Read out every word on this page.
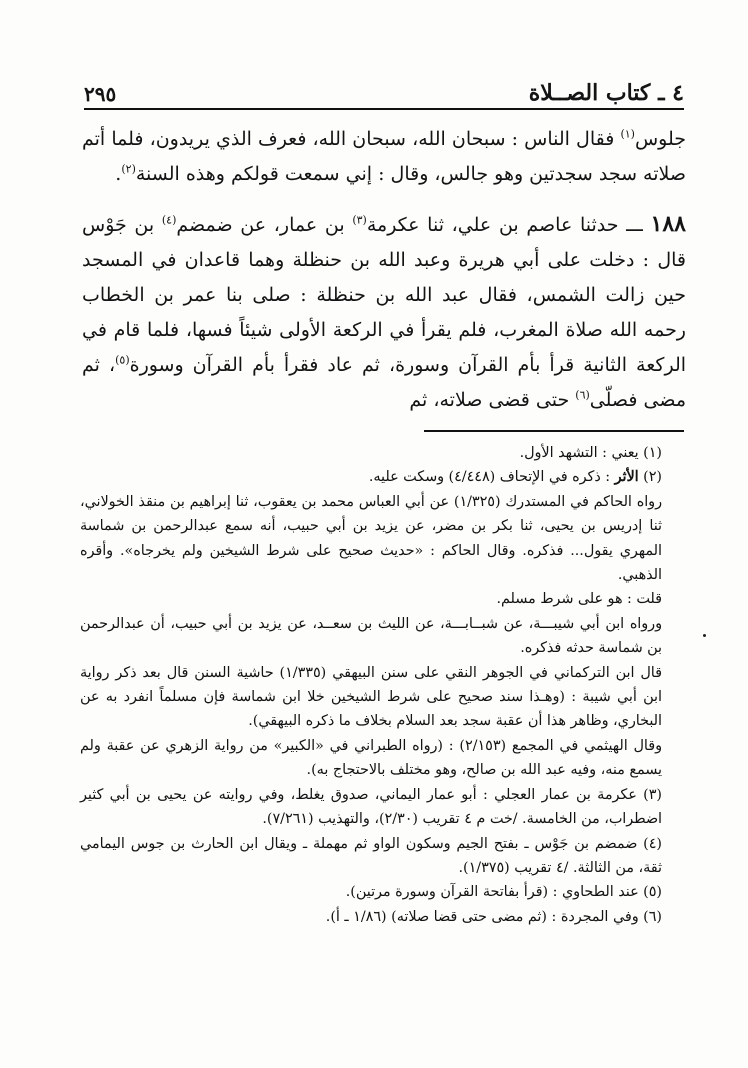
٤ ـ كتاب الصــلاة
٢٩٥

جلوس$^{(١)}$ فقال الناس : سبحان الله، سبحان الله، فعرف الذي يريدون، فلما أتم صلاته سجد سجدتين وهو جالس، وقال : إني سمعت قولكم وهذه السنة$^{(٢)}$.

١٨٨ ـــ حدثنا عاصم بن علي، ثنا عكرمة$^{(٣)}$ بن عمار، عن ضمضم$^{(٤)}$ بن جَوْس قال : دخلت على أبي هريرة وعبد الله بن حنظلة وهما قاعدان في المسجد حين زالت الشمس، فقال عبد الله بن حنظلة : صلى بنا عمر بن الخطاب رحمه الله صلاة المغرب، فلم يقرأ في الركعة الأولى شيئاً فسها، فلما قام في الركعة الثانية قرأ بأم القرآن وسورة، ثم عاد فقرأ بأم القرآن وسورة$^{(٥)}$، ثم مضى فصلّى$^{(٦)}$ حتى قضى صلاته، ثم

(١) يعني : التشهد الأول.

(٢) الأثر : ذكره في الإتحاف (٤/٤٤٨) وسكت عليه.

رواه الحاكم في المستدرك (١/٣٢٥) عن أبي العباس محمد بن يعقوب، ثنا إبراهيم بن منقذ الخولاني، ثنا إدريس بن يحيى، ثنا بكر بن مضر، عن يزيد بن أبي حبيب، أنه سمع عبدالرحمن بن شماسة المهري يقول... فذكره. وقال الحاكم : «حديث صحيح على شرط الشيخين ولم يخرجاه». وأقره الذهبي.

قلت : هو على شرط مسلم.

ورواه ابن أبي شيبـــة، عن شبــابـــة، عن الليث بن سعــد، عن يزيد بن أبي حبيب، أن عبدالرحمن بن شماسة حدثه فذكره.

قال ابن التركماني في الجوهر النقي على سنن البيهقي (١/٣٣٥) حاشية السنن قال بعد ذكر رواية ابن أبي شيبة : (وهـذا سند صحيح على شرط الشيخين خلا ابن شماسة فإن مسلماً انفرد به عن البخاري، وظاهر هذا أن عقبة سجد بعد السلام بخلاف ما ذكره البيهقي).

وقال الهيثمي في المجمع (٢/١٥٣) : (رواه الطبراني في «الكبير» من رواية الزهري عن عقبة ولم يسمع منه، وفيه عبد الله بن صالح، وهو مختلف بالاحتجاج به).

(٣) عكرمة بن عمار العجلي : أبو عمار اليماني، صدوق يغلط، وفي روايته عن يحيى بن أبي كثير اضطراب، من الخامسة. /خت م ٤ تقريب (٢/٣٠)، والتهذيب (٧/٢٦١).

(٤) ضمضم بن جَوْس ـ بفتح الجيم وسكون الواو ثم مهملة ـ ويقال ابن الحارث بن جوس اليمامي ثقة، من الثالثة. /٤ تقريب (١/٣٧٥).

(٥) عند الطحاوي : (قرأ بفاتحة القرآن وسورة مرتين).

(٦) وفي المجردة : (ثم مضى حتى قضا صلاته) (١/٨٦ ـ أ).
